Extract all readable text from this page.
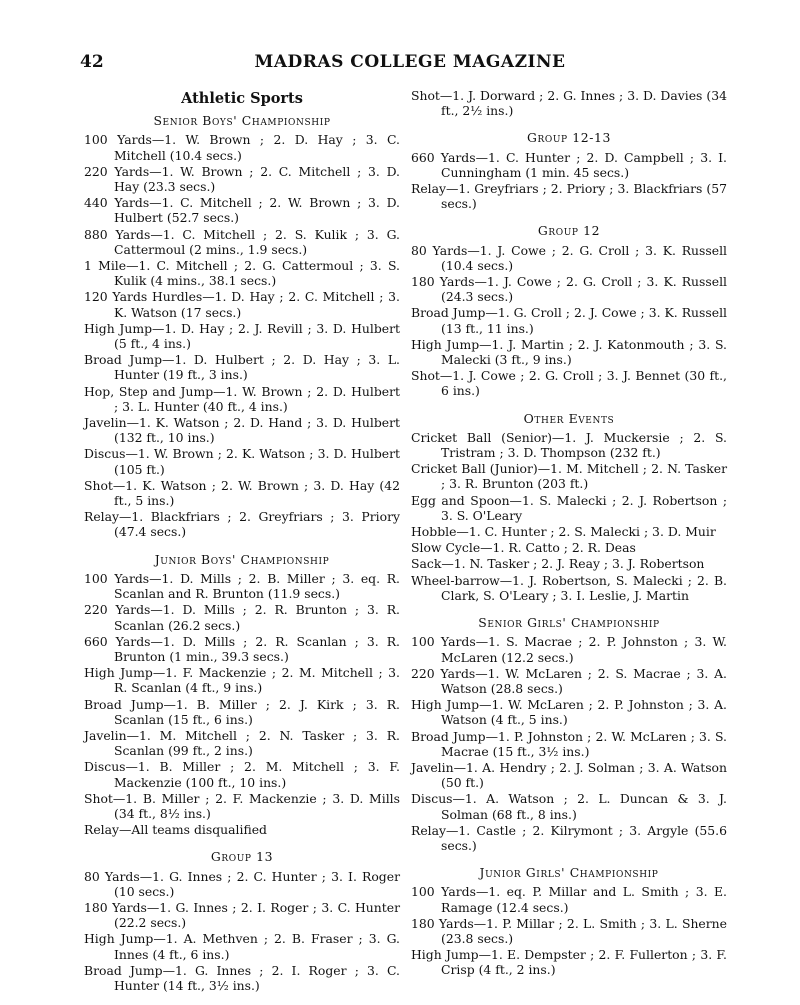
42	MADRAS COLLEGE MAGAZINE
Athletic Sports
Senior Boys' Championship
100 Yards—1. W. Brown ; 2. D. Hay ; 3. C. Mitchell (10.4 secs.)
220 Yards—1. W. Brown ; 2. C. Mitchell ; 3. D. Hay (23.3 secs.)
440 Yards—1. C. Mitchell ; 2. W. Brown ; 3. D. Hulbert (52.7 secs.)
880 Yards—1. C. Mitchell ; 2. S. Kulik ; 3. G. Cattermoul (2 mins., 1.9 secs.)
1 Mile—1. C. Mitchell ; 2. G. Cattermoul ; 3. S. Kulik (4 mins., 38.1 secs.)
120 Yards Hurdles—1. D. Hay ; 2. C. Mitchell ; 3. K. Watson (17 secs.)
High Jump—1. D. Hay ; 2. J. Revill ; 3. D. Hulbert (5 ft., 4 ins.)
Broad Jump—1. D. Hulbert ; 2. D. Hay ; 3. L. Hunter (19 ft., 3 ins.)
Hop, Step and Jump—1. W. Brown ; 2. D. Hulbert ; 3. L. Hunter (40 ft., 4 ins.)
Javelin—1. K. Watson ; 2. D. Hand ; 3. D. Hulbert (132 ft., 10 ins.)
Discus—1. W. Brown ; 2. K. Watson ; 3. D. Hulbert (105 ft.)
Shot—1. K. Watson ; 2. W. Brown ; 3. D. Hay (42 ft., 5 ins.)
Relay—1. Blackfriars ; 2. Greyfriars ; 3. Priory (47.4 secs.)
Junior Boys' Championship
100 Yards—1. D. Mills ; 2. B. Miller ; 3. eq. R. Scanlan and R. Brunton (11.9 secs.)
220 Yards—1. D. Mills ; 2. R. Brunton ; 3. R. Scanlan (26.2 secs.)
660 Yards—1. D. Mills ; 2. R. Scanlan ; 3. R. Brunton (1 min., 39.3 secs.)
High Jump—1. F. Mackenzie ; 2. M. Mitchell ; 3. R. Scanlan (4 ft., 9 ins.)
Broad Jump—1. B. Miller ; 2. J. Kirk ; 3. R. Scanlan (15 ft., 6 ins.)
Javelin—1. M. Mitchell ; 2. N. Tasker ; 3. R. Scanlan (99 ft., 2 ins.)
Discus—1. B. Miller ; 2. M. Mitchell ; 3. F. Mackenzie (100 ft., 10 ins.)
Shot—1. B. Miller ; 2. F. Mackenzie ; 3. D. Mills (34 ft., 8½ ins.)
Relay—All teams disqualified
Group 13
80 Yards—1. G. Innes ; 2. C. Hunter ; 3. I. Roger (10 secs.)
180 Yards—1. G. Innes ; 2. I. Roger ; 3. C. Hunter (22.2 secs.)
High Jump—1. A. Methven ; 2. B. Fraser ; 3. G. Innes (4 ft., 6 ins.)
Broad Jump—1. G. Innes ; 2. I. Roger ; 3. C. Hunter (14 ft., 3½ ins.)
Shot—1. J. Dorward ; 2. G. Innes ; 3. D. Davies (34 ft., 2½ ins.)
Group 12-13
660 Yards—1. C. Hunter ; 2. D. Campbell ; 3. I. Cunningham (1 min. 45 secs.)
Relay—1. Greyfriars ; 2. Priory ; 3. Blackfriars (57 secs.)
Group 12
80 Yards—1. J. Cowe ; 2. G. Croll ; 3. K. Russell (10.4 secs.)
180 Yards—1. J. Cowe ; 2. G. Croll ; 3. K. Russell (24.3 secs.)
Broad Jump—1. G. Croll ; 2. J. Cowe ; 3. K. Russell (13 ft., 11 ins.)
High Jump—1. J. Martin ; 2. J. Katonmouth ; 3. S. Malecki (3 ft., 9 ins.)
Shot—1. J. Cowe ; 2. G. Croll ; 3. J. Bennet (30 ft., 6 ins.)
Other Events
Cricket Ball (Senior)—1. J. Muckersie ; 2. S. Tristram ; 3. D. Thompson (232 ft.)
Cricket Ball (Junior)—1. M. Mitchell ; 2. N. Tasker ; 3. R. Brunton (203 ft.)
Egg and Spoon—1. S. Malecki ; 2. J. Robertson ; 3. S. O'Leary
Hobble—1. C. Hunter ; 2. S. Malecki ; 3. D. Muir
Slow Cycle—1. R. Catto ; 2. R. Deas
Sack—1. N. Tasker ; 2. J. Reay ; 3. J. Robertson
Wheel-barrow—1. J. Robertson, S. Malecki ; 2. B. Clark, S. O'Leary ; 3. I. Leslie, J. Martin
Senior Girls' Championship
100 Yards—1. S. Macrae ; 2. P. Johnston ; 3. W. McLaren (12.2 secs.)
220 Yards—1. W. McLaren ; 2. S. Macrae ; 3. A. Watson (28.8 secs.)
High Jump—1. W. McLaren ; 2. P. Johnston ; 3. A. Watson (4 ft., 5 ins.)
Broad Jump—1. P. Johnston ; 2. W. McLaren ; 3. S. Macrae (15 ft., 3½ ins.)
Javelin—1. A. Hendry ; 2. J. Solman ; 3. A. Watson (50 ft.)
Discus—1. A. Watson ; 2. L. Duncan & 3. J. Solman (68 ft., 8 ins.)
Relay—1. Castle ; 2. Kilrymont ; 3. Argyle (55.6 secs.)
Junior Girls' Championship
100 Yards—1. eq. P. Millar and L. Smith ; 3. E. Ramage (12.4 secs.)
180 Yards—1. P. Millar ; 2. L. Smith ; 3. L. Sherne (23.8 secs.)
High Jump—1. E. Dempster ; 2. F. Fullerton ; 3. F. Crisp (4 ft., 2 ins.)
